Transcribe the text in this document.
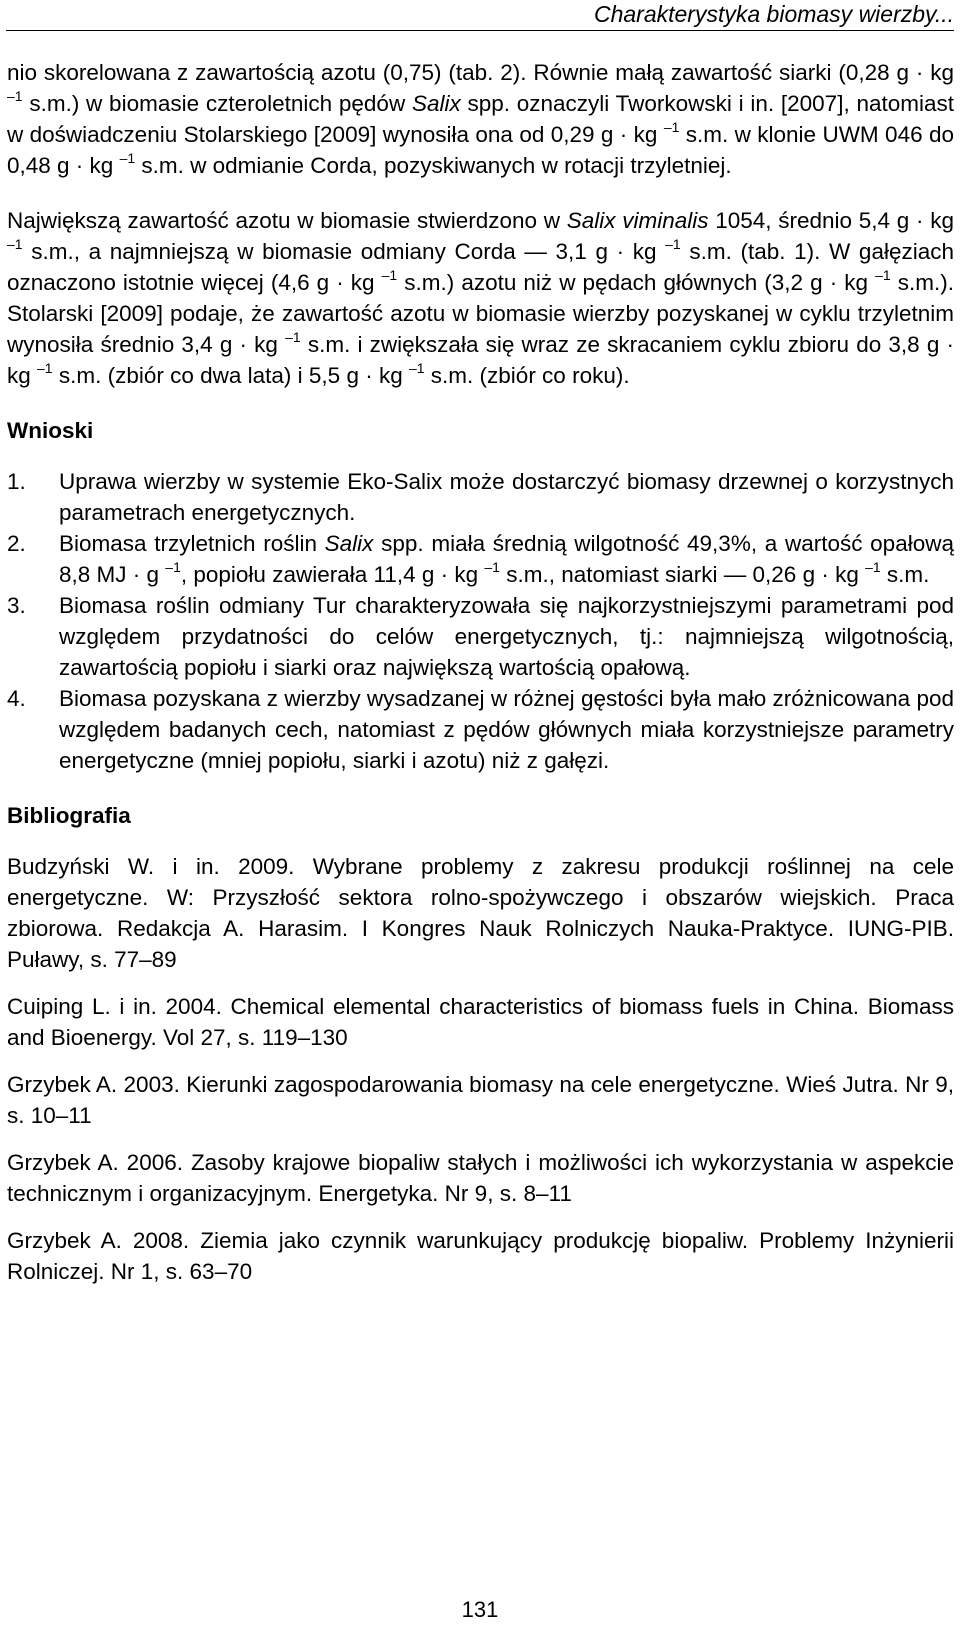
Charakterystyka biomasy wierzby...

nio skorelowana z zawartością azotu (0,75) (tab. 2). Równie małą zawartość siarki (0,28 g · kg $^{-1}$ s.m.) w biomasie czteroletnich pędów Salix spp. oznaczyli Tworkowski i in. [2007], natomiast w doświadczeniu Stolarskiego [2009] wynosiła ona od 0,29 g · kg $^{-1}$ s.m. w klonie UWM 046 do 0,48 g · kg $^{-1}$ s.m. w odmianie Corda, pozyskiwanych w rotacji trzyletniej.

Największą zawartość azotu w biomasie stwierdzono w Salix viminalis 1054, średnio 5,4 g · kg $^{-1}$ s.m., a najmniejszą w biomasie odmiany Corda — 3,1 g · kg $^{-1}$ s.m. (tab. 1). W gałęziach oznaczono istotnie więcej (4,6 g · kg $^{-1}$ s.m.) azotu niż w pędach głównych (3,2 g · kg $^{-1}$ s.m.). Stolarski [2009] podaje, że zawartość azotu w biomasie wierzby pozyskanej w cyklu trzyletnim wynosiła średnio 3,4 g · kg $^{-1}$ s.m. i zwiększała się wraz ze skracaniem cyklu zbioru do 3,8 g · kg $^{-1}$ s.m. (zbiór co dwa lata) i 5,5 g · kg $^{-1}$ s.m. (zbiór co roku).

Wnioski
1. Uprawa wierzby w systemie Eko-Salix może dostarczyć biomasy drzewnej o korzystnych parametrach energetycznych.
2. Biomasa trzyletnich roślin Salix spp. miała średnią wilgotność 49,3%, a wartość opałową 8,8 MJ · g $^{-1}$, popiołu zawierała 11,4 g · kg $^{-1}$ s.m., natomiast siarki — 0,26 g · kg $^{-1}$ s.m.
3. Biomasa roślin odmiany Tur charakteryzowała się najkorzystniejszymi parametrami pod względem przydatności do celów energetycznych, tj.: najmniejszą wilgotnością, zawartością popiołu i siarki oraz największą wartością opałową.
4. Biomasa pozyskana z wierzby wysadzanej w różnej gęstości była mało zróżnicowana pod względem badanych cech, natomiast z pędów głównych miała korzystniejsze parametry energetyczne (mniej popiołu, siarki i azotu) niż z gałęzi.
Bibliografia

Budzyński W. i in. 2009. Wybrane problemy z zakresu produkcji roślinnej na cele energetyczne. W: Przyszłość sektora rolno-spożywczego i obszarów wiejskich. Praca zbiorowa. Redakcja A. Harasim. I Kongres Nauk Rolniczych Nauka-Praktyce. IUNG-PIB. Puławy, s. 77–89

Cuiping L. i in. 2004. Chemical elemental characteristics of biomass fuels in China. Biomass and Bioenergy. Vol 27, s. 119–130

Grzybek A. 2003. Kierunki zagospodarowania biomasy na cele energetyczne. Wieś Jutra. Nr 9, s. 10–11

Grzybek A. 2006. Zasoby krajowe biopaliw stałych i możliwości ich wykorzystania w aspekcie technicznym i organizacyjnym. Energetyka. Nr 9, s. 8–11

Grzybek A. 2008. Ziemia jako czynnik warunkujący produkcję biopaliw. Problemy Inżynierii Rolniczej. Nr 1, s. 63–70

131
